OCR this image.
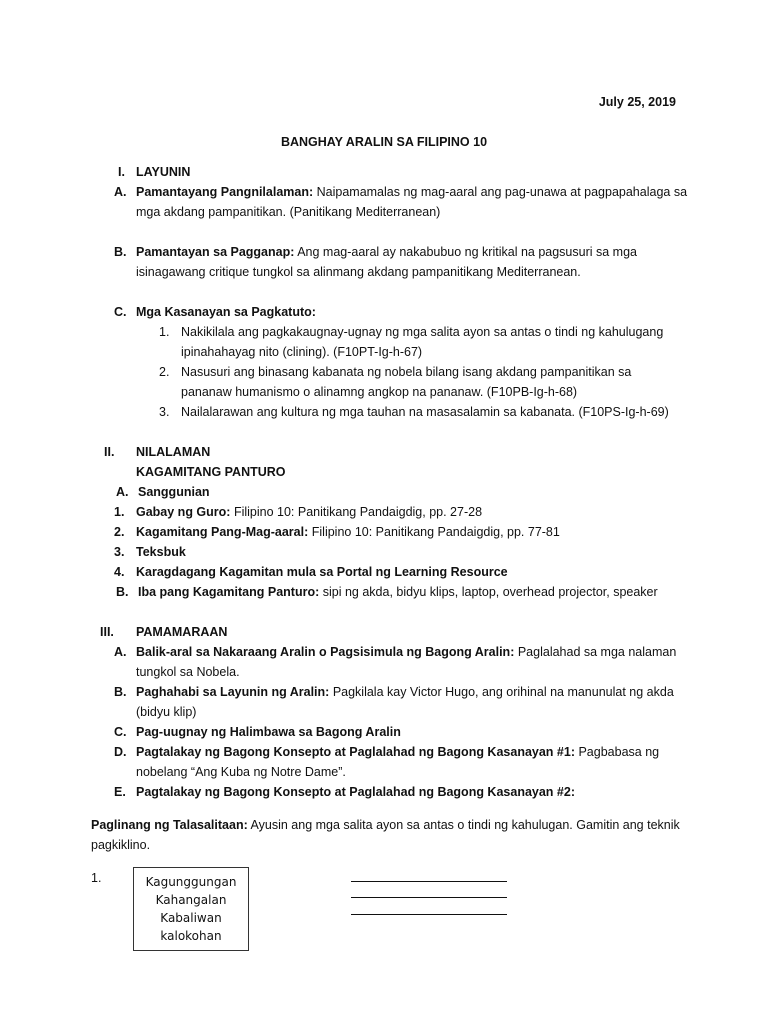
July 25, 2019
BANGHAY ARALIN SA FILIPINO 10
I. LAYUNIN
A. Pamantayang Pangnilalaman: Naipamamalas ng mag-aaral ang pag-unawa at pagpapahalaga sa
mga akdang pampanitikan. (Panitikang Mediterranean)
B. Pamantayan sa Pagganap: Ang mag-aaral ay nakabubuo ng kritikal na pagsusuri sa mga
isinagawang critique tungkol sa alinmang akdang pampanitikang Mediterranean.
C. Mga Kasanayan sa Pagkatuto:
1. Nakikilala ang pagkakaugnay-ugnay ng mga salita ayon sa antas o tindi ng kahulugang
ipinahahayag nito (clining). (F10PT-Ig-h-67)
2. Nasusuri ang binasang kabanata ng nobela bilang isang akdang pampanitikan sa
pananaw humanismo o alinamng angkop na pananaw. (F10PB-Ig-h-68)
3. Nailalarawan ang kultura ng mga tauhan na masasalamin sa kabanata. (F10PS-Ig-h-69)
II. NILALAMAN
KAGAMITANG PANTURO
A. Sanggunian
1. Gabay ng Guro: Filipino 10: Panitikang Pandaigdig, pp. 27-28
2. Kagamitang Pang-Mag-aaral: Filipino 10: Panitikang Pandaigdig, pp. 77-81
3. Teksbuk
4. Karagdagang Kagamitan mula sa Portal ng Learning Resource
B. Iba pang Kagamitang Panturo: sipi ng akda, bidyu klips, laptop, overhead projector, speaker
III. PAMAMARAAN
A. Balik-aral sa Nakaraang Aralin o Pagsisimula ng Bagong Aralin: Paglalahad sa mga nalaman
tungkol sa Nobela.
B. Paghahabi sa Layunin ng Aralin: Pagkilala kay Victor Hugo, ang orihinal na manunulat ng akda
(bidyu klip)
C. Pag-uugnay ng Halimbawa sa Bagong Aralin
D. Pagtalakay ng Bagong Konsepto at Paglalahad ng Bagong Kasanayan #1: Pagbabasa ng
nobelang “Ang Kuba ng Notre Dame”.
E. Pagtalakay ng Bagong Konsepto at Paglalahad ng Bagong Kasanayan #2:
Paglinang ng Talasalitaan: Ayusin ang mga salita ayon sa antas o tindi ng kahulugan. Gamitin ang teknik
pagkiklino.
1.	Kagunggungan
Kahangalan
Kabaliwan
kalokohan
